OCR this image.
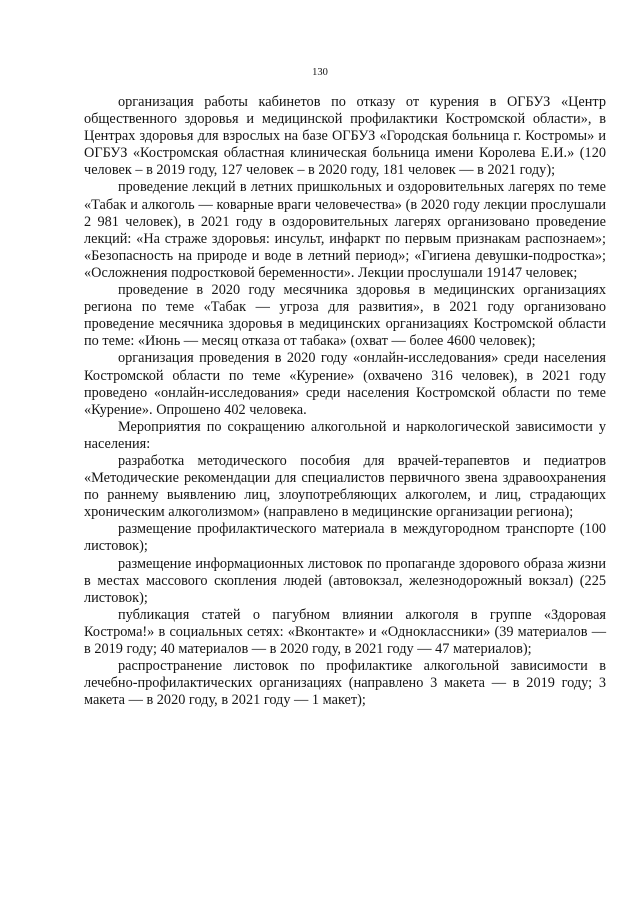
130

организация работы кабинетов по отказу от курения в ОГБУЗ «Центр общественного здоровья и медицинской профилактики Костромской области», в Центрах здоровья для взрослых на базе ОГБУЗ «Городская больница г. Костромы» и ОГБУЗ «Костромская областная клиническая больница имени Королева Е.И.» (120 человек – в 2019 году, 127 человек – в 2020 году, 181 человек — в 2021 году);

проведение лекций в летних пришкольных и оздоровительных лагерях по теме «Табак и алкоголь — коварные враги человечества» (в 2020 году лекции прослушали 2 981 человек), в 2021 году в оздоровительных лагерях организовано проведение лекций: «На страже здоровья: инсульт, инфаркт по первым признакам распознаем»; «Безопасность на природе и воде в летний период»; «Гигиена девушки-подростка»; «Осложнения подростковой беременности». Лекции прослушали 19147 человек;

проведение в 2020 году месячника здоровья в медицинских организациях региона по теме «Табак — угроза для развития», в 2021 году организовано проведение месячника здоровья в медицинских организациях Костромской области по теме: «Июнь — месяц отказа от табака» (охват — более 4600 человек);

организация проведения в 2020 году «онлайн-исследования» среди населения Костромской области по теме «Курение» (охвачено 316 человек), в 2021 году проведено «онлайн-исследования» среди населения Костромской области по теме «Курение». Опрошено 402 человека.

Мероприятия по сокращению алкогольной и наркологической зависимости у населения:

разработка методического пособия для врачей-терапевтов и педиатров «Методические рекомендации для специалистов первичного звена здравоохранения по раннему выявлению лиц, злоупотребляющих алкоголем, и лиц, страдающих хроническим алкоголизмом» (направлено в медицинские организации региона);

размещение профилактического материала в междугородном транспорте (100 листовок);

размещение информационных листовок по пропаганде здорового образа жизни в местах массового скопления людей (автовокзал, железнодорожный вокзал) (225 листовок);

публикация статей о пагубном влиянии алкоголя в группе «Здоровая Кострома!» в социальных сетях: «Вконтакте» и «Одноклассники» (39 материалов — в 2019 году; 40 материалов — в 2020 году, в 2021 году — 47 материалов);

распространение листовок по профилактике алкогольной зависимости в лечебно-профилактических организациях (направлено 3 макета — в 2019 году; 3 макета — в 2020 году, в 2021 году — 1 макет);
